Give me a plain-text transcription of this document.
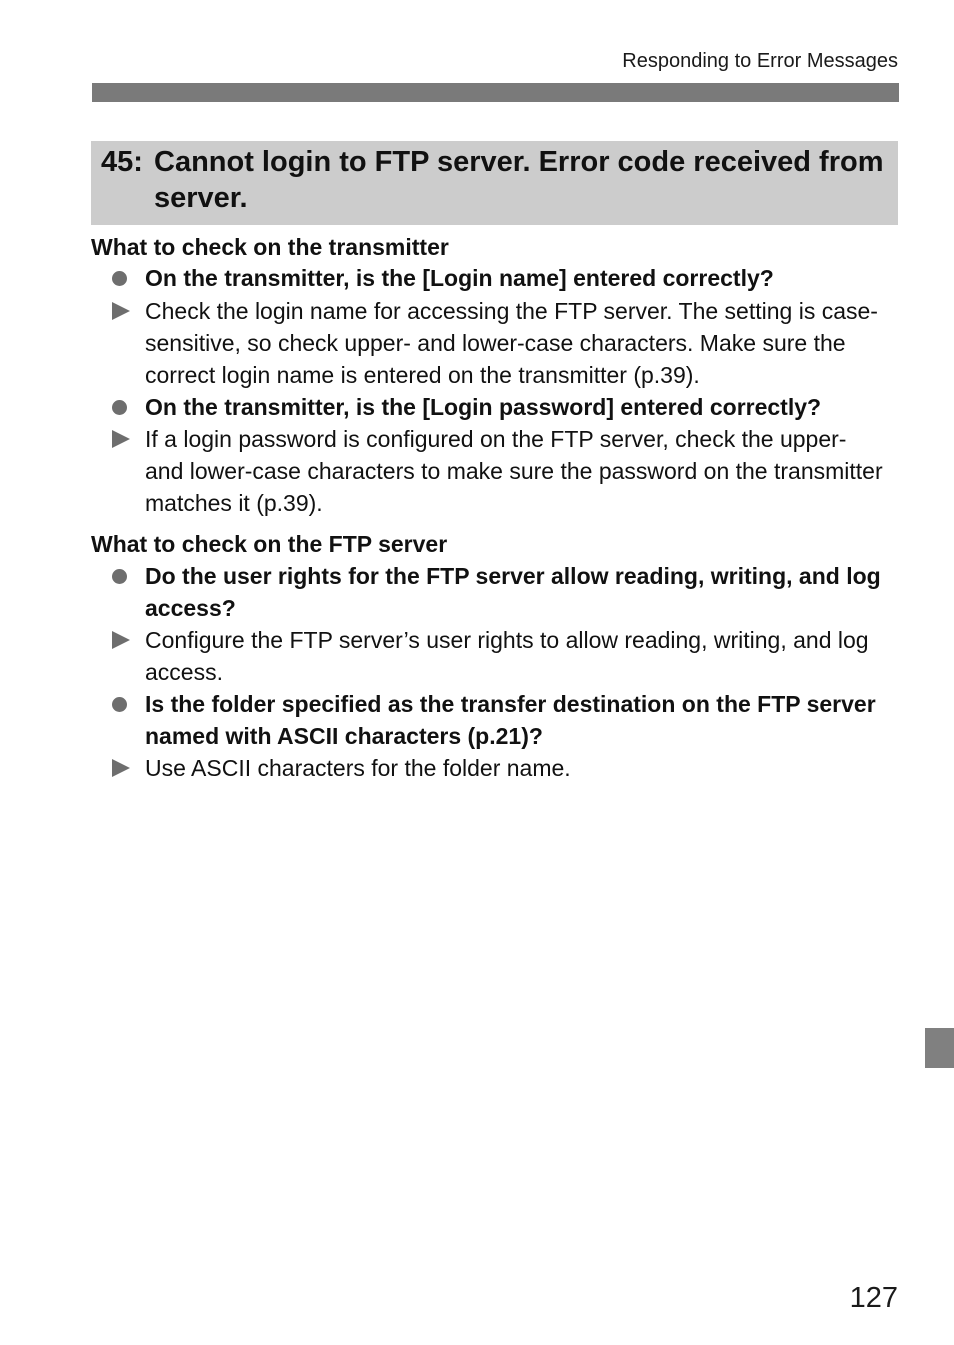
Responding to Error Messages
45: Cannot login to FTP server. Error code received from server.
What to check on the transmitter
On the transmitter, is the [Login name] entered correctly?
Check the login name for accessing the FTP server. The setting is case-sensitive, so check upper- and lower-case characters. Make sure the correct login name is entered on the transmitter (p.39).
On the transmitter, is the [Login password] entered correctly?
If a login password is configured on the FTP server, check the upper- and lower-case characters to make sure the password on the transmitter matches it (p.39).
What to check on the FTP server
Do the user rights for the FTP server allow reading, writing, and log access?
Configure the FTP server’s user rights to allow reading, writing, and log access.
Is the folder specified as the transfer destination on the FTP server named with ASCII characters (p.21)?
Use ASCII characters for the folder name.
127
